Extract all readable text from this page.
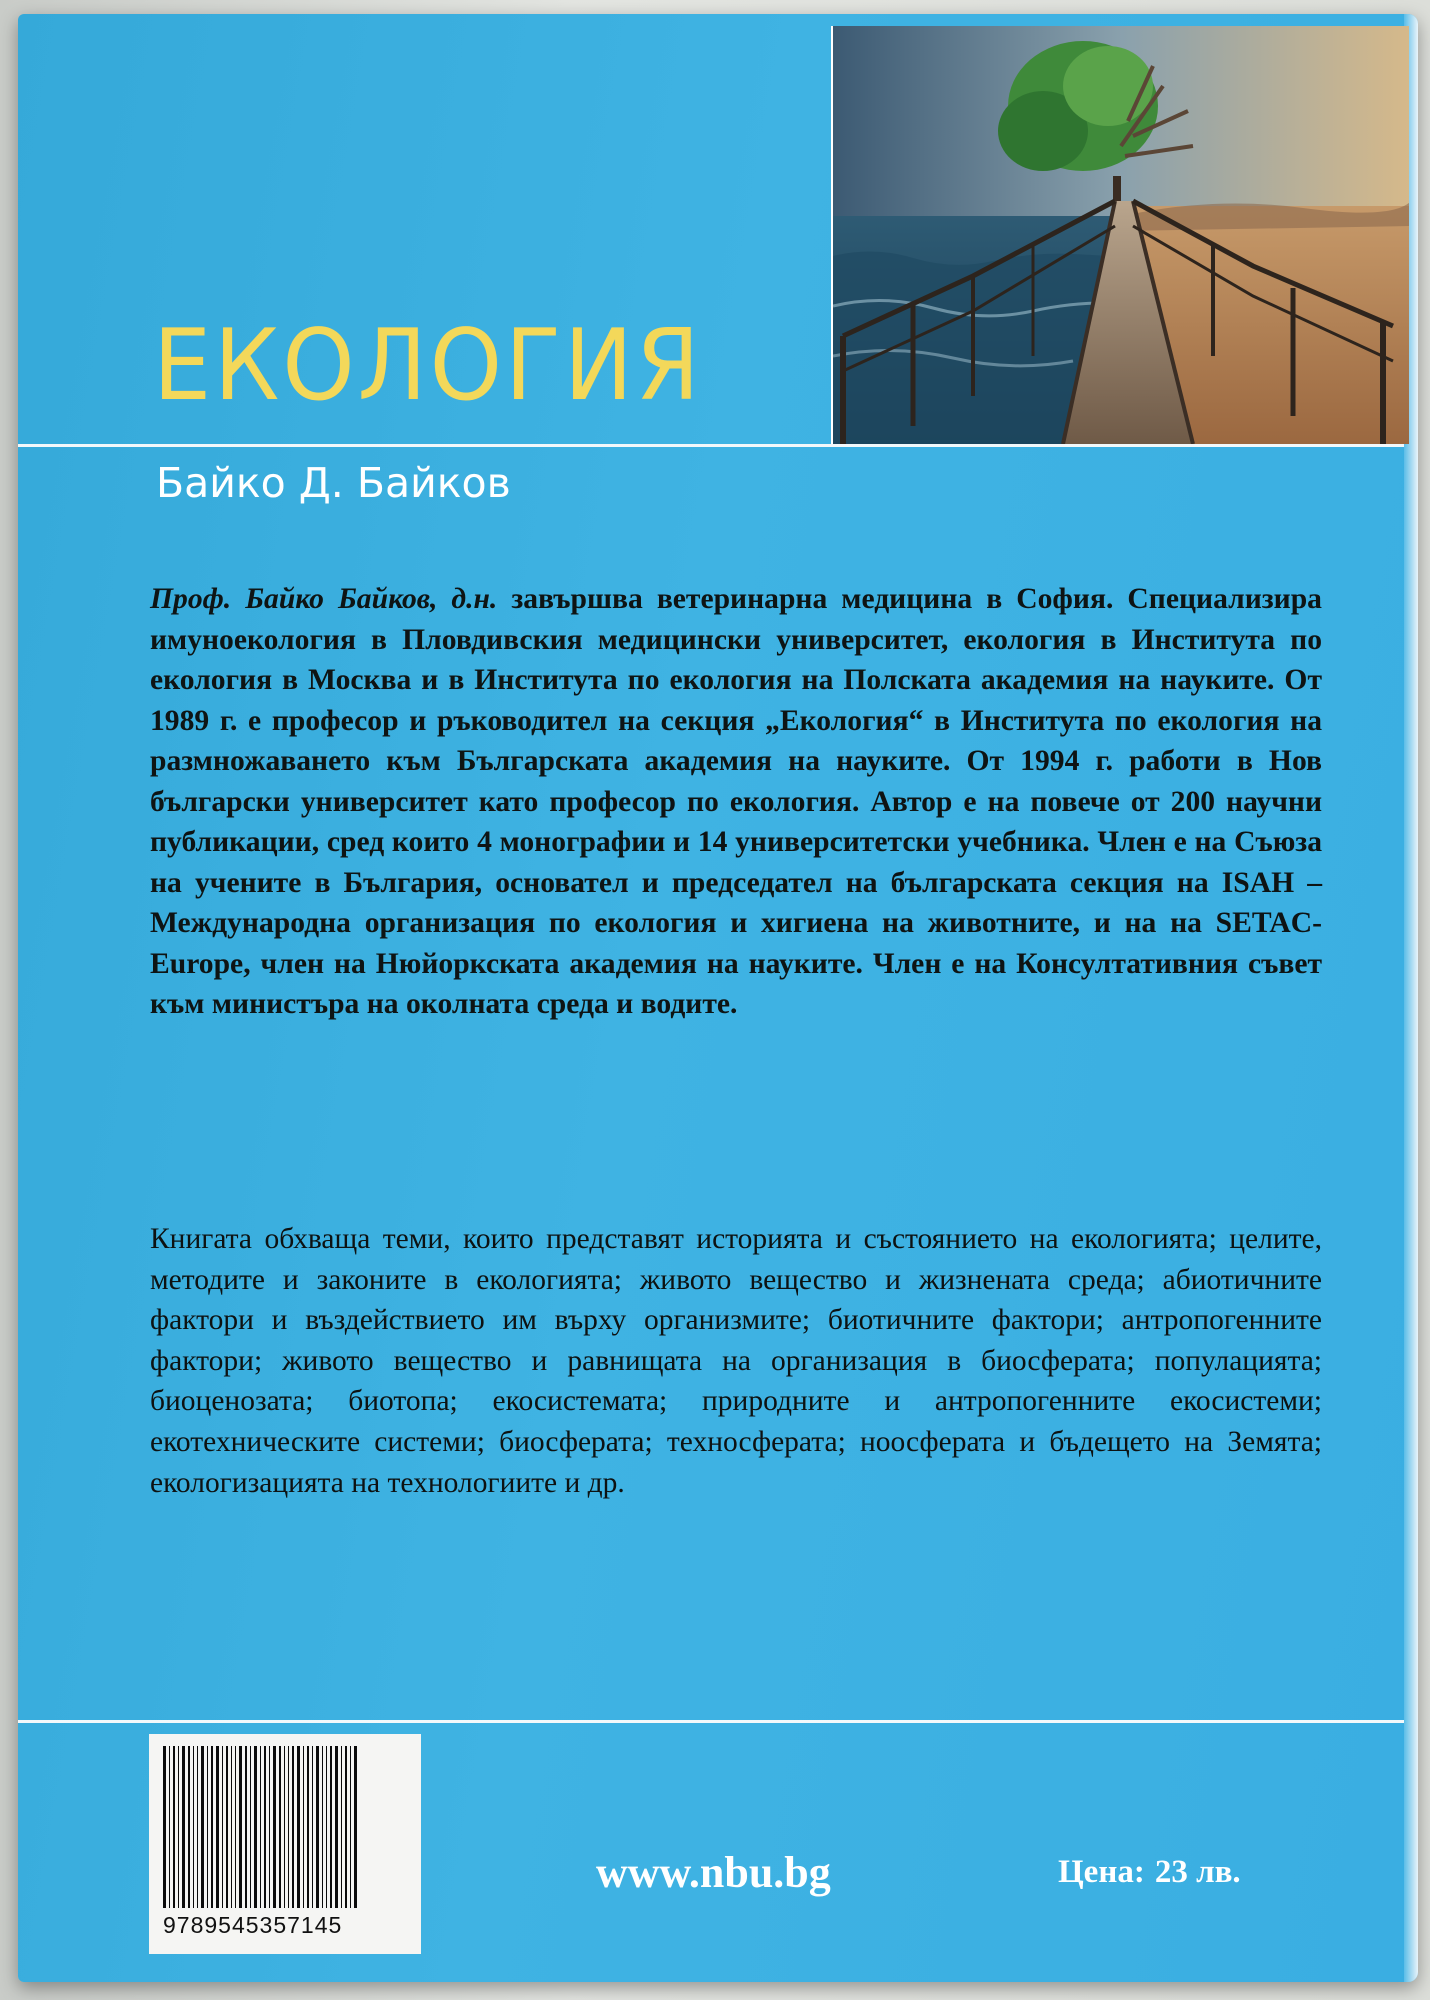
ЕКОЛОГИЯ
Байко Д. Байков

Проф. Байко Байков, д.н. завършва ветеринарна медицина в София. Специализира имуноекология в Пловдивския медицински университет, екология в Института по екология в Москва и в Института по екология на Полската академия на науките. От 1989 г. е професор и ръководител на секция „Екология“ в Института по екология на размножаването към Българската академия на науките. От 1994 г. работи в Нов български университет като професор по екология. Автор е на повече от 200 научни публикации, сред които 4 монографии и 14 университетски учебника. Член е на Съюза на учените в България, основател и председател на българската секция на ISAH – Международна организация по екология и хигиена на животните, и на на SETAC-Europe, член на Нюйоркската академия на науките. Член е на Консултативния съвет към министъра на околната среда и водите.

Книгата обхваща теми, които представят историята и състоянието на екологията; целите, методите и законите в екологията; живото вещество и жизнената среда; абиотичните фактори и въздействието им върху организмите; биотичните фактори; антропогенните фактори; живото вещество и равнищата на организация в биосферата; популацията; биоценозата; биотопа; екосистемата; природните и антропогенните екосистеми; екотехническите системи; биосферата; техносферата; ноосферата и бъдещето на Земята; екологизацията на технологиите и др.

9789545357145
www.nbu.bg	Цена: 23 лв.
